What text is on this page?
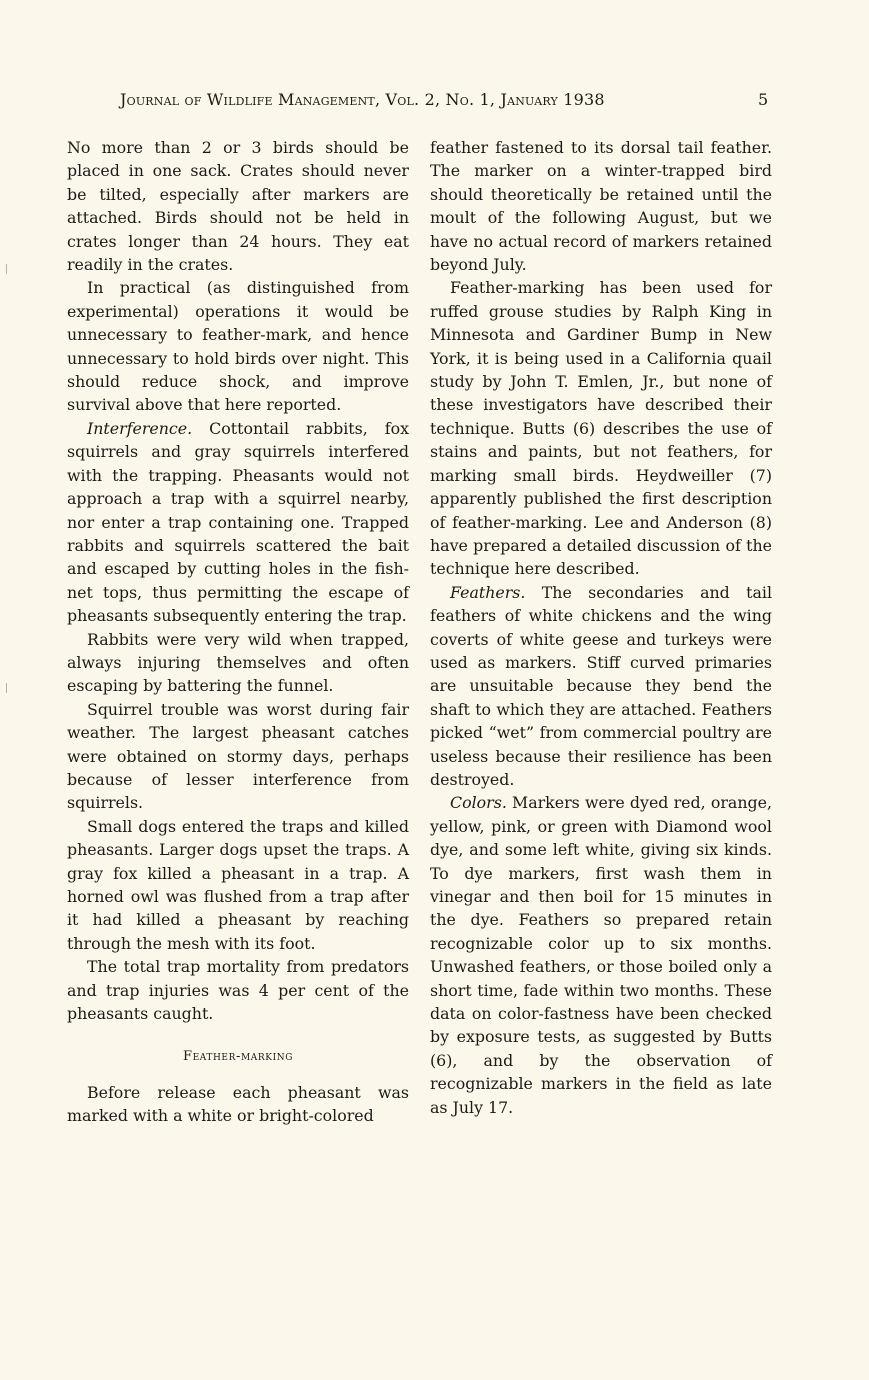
Journal of Wildlife Management, Vol. 2, No. 1, January 1938	5

No more than 2 or 3 birds should be placed in one sack. Crates should never be tilted, especially after markers are attached. Birds should not be held in crates longer than 24 hours. They eat readily in the crates.

In practical (as distinguished from experimental) operations it would be unnecessary to feather-mark, and hence unnecessary to hold birds over night. This should reduce shock, and improve survival above that here reported.

Interference. Cottontail rabbits, fox squirrels and gray squirrels interfered with the trapping. Pheasants would not approach a trap with a squirrel nearby, nor enter a trap containing one. Trapped rabbits and squirrels scattered the bait and escaped by cutting holes in the fish-net tops, thus permitting the escape of pheasants subsequently entering the trap.

Rabbits were very wild when trapped, always injuring themselves and often escaping by battering the funnel.

Squirrel trouble was worst during fair weather. The largest pheasant catches were obtained on stormy days, perhaps because of lesser interference from squirrels.

Small dogs entered the traps and killed pheasants. Larger dogs upset the traps. A gray fox killed a pheasant in a trap. A horned owl was flushed from a trap after it had killed a pheasant by reaching through the mesh with its foot.

The total trap mortality from predators and trap injuries was 4 per cent of the pheasants caught.

Feather-marking

Before release each pheasant was marked with a white or bright-colored

feather fastened to its dorsal tail feather. The marker on a winter-trapped bird should theoretically be retained until the moult of the following August, but we have no actual record of markers retained beyond July.

Feather-marking has been used for ruffed grouse studies by Ralph King in Minnesota and Gardiner Bump in New York, it is being used in a California quail study by John T. Emlen, Jr., but none of these investigators have described their technique. Butts (6) describes the use of stains and paints, but not feathers, for marking small birds. Heydweiller (7) apparently published the first description of feather-marking. Lee and Anderson (8) have prepared a detailed discussion of the technique here described.

Feathers. The secondaries and tail feathers of white chickens and the wing coverts of white geese and turkeys were used as markers. Stiff curved primaries are unsuitable because they bend the shaft to which they are attached. Feathers picked “wet” from commercial poultry are useless because their resilience has been destroyed.

Colors. Markers were dyed red, orange, yellow, pink, or green with Diamond wool dye, and some left white, giving six kinds. To dye markers, first wash them in vinegar and then boil for 15 minutes in the dye. Feathers so prepared retain recognizable color up to six months. Unwashed feathers, or those boiled only a short time, fade within two months. These data on color-fastness have been checked by exposure tests, as suggested by Butts (6), and by the observation of recognizable markers in the field as late as July 17.
